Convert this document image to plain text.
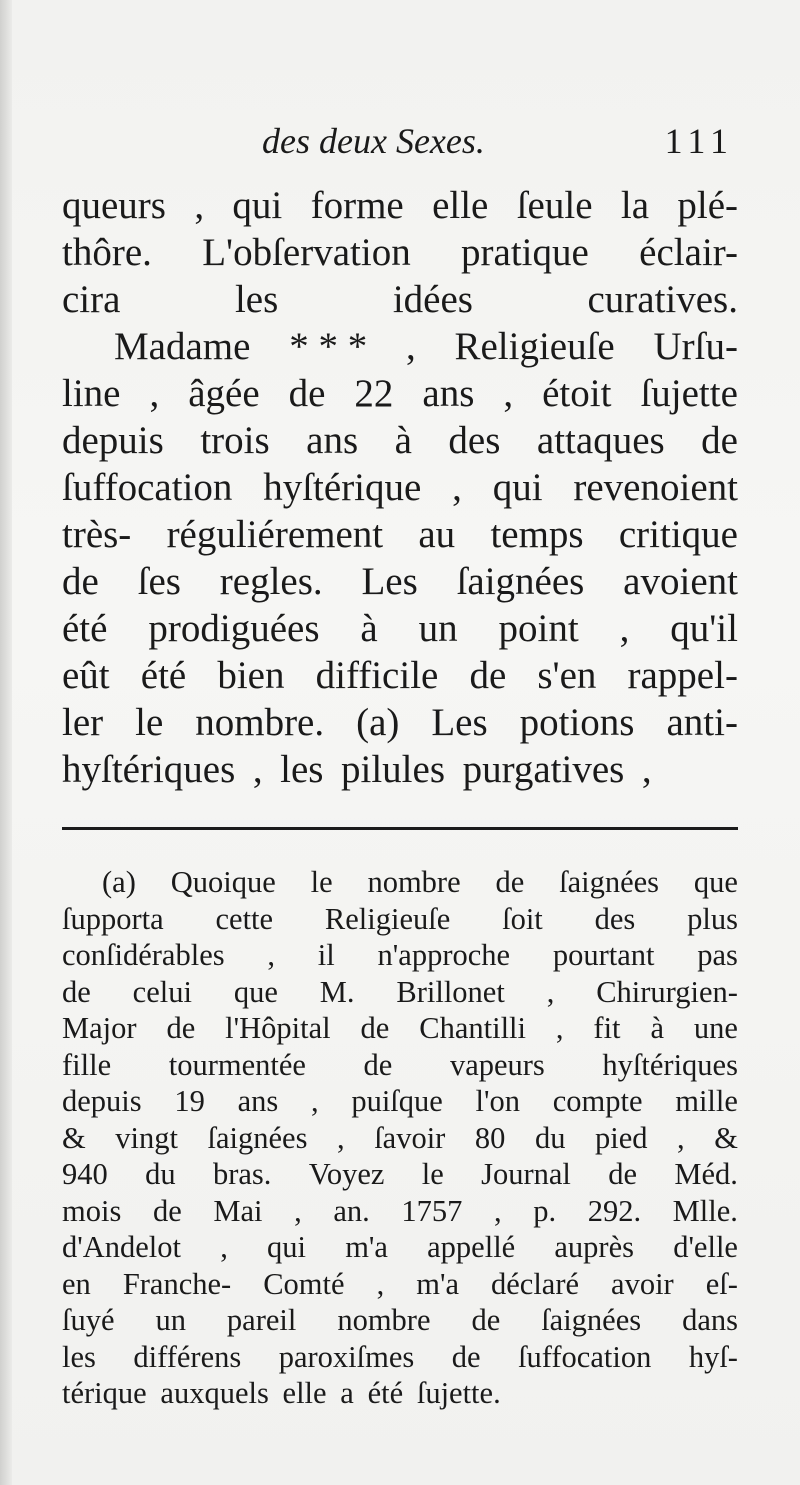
des deux Sexes.	111
queurs , qui forme elle ſeule la plé-
thôre. L'obſervation pratique éclair-
cira	les	idées	curatives.
Madame * * * , Religieuſe Urſu-
line , âgée de 22 ans , étoit ſujette
depuis trois ans à des attaques de
ſuffocation hyſtérique , qui revenoient
très- réguliérement au temps critique
de ſes regles. Les ſaignées avoient
été prodiguées à un point , qu'il
eût été bien difficile de s'en rappel-
ler le nombre. (a) Les potions anti-
hyſtériques , les pilules purgatives ,
(a) Quoique le nombre de ſaignées que
ſupporta cette Religieuſe ſoit des plus
conſidérables , il n'approche pourtant pas
de celui que M. Brillonet , Chirurgien-
Major de l'Hôpital de Chantilli , fit à une
fille tourmentée de vapeurs hyſtériques
depuis 19 ans , puiſque l'on compte mille
& vingt ſaignées , ſavoir 80 du pied , &
940 du bras. Voyez le Journal de Méd.
mois de Mai , an. 1757 , p. 292. Mlle.
d'Andelot , qui m'a appellé auprès d'elle
en Franche- Comté , m'a déclaré avoir eſ-
ſuyé un pareil nombre de ſaignées dans
les différens paroxiſmes de ſuffocation hyſ-
térique auxquels elle a été ſujette.
